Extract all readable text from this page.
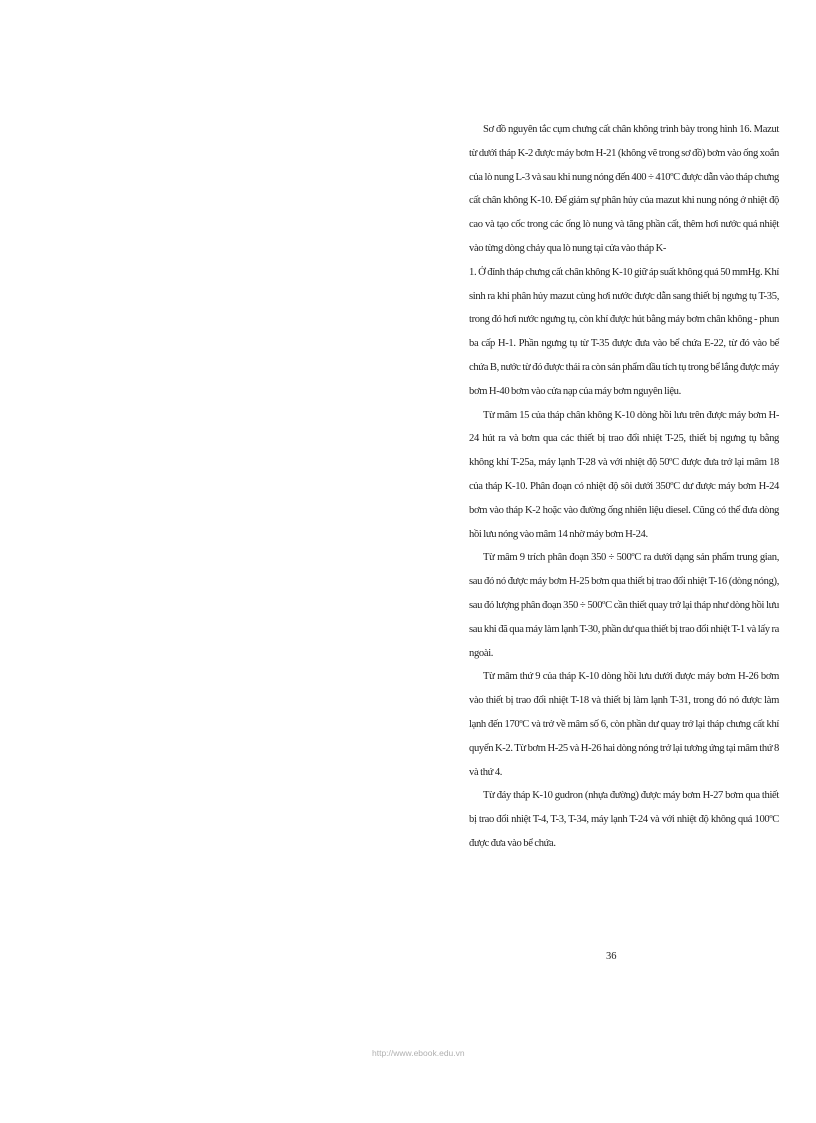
Sơ đồ nguyên tắc cụm chưng cất chân không trình bày trong hình 16. Mazut từ dưới tháp K-2 được máy bơm H-21 (không vẽ trong sơ đồ) bơm vào ống xoắn của lò nung L-3 và sau khi nung nóng đến 400 ÷ 410ºC được dẫn vào tháp chưng cất chân không K-10. Để giảm sự phân hủy của mazut khi nung nóng ở nhiệt độ cao và tạo cốc trong các ống lò nung và tăng phần cất, thêm hơi nước quá nhiệt vào từng dòng chảy qua lò nung tại cửa vào tháp K-

1. Ở đỉnh tháp chưng cất chân không K-10 giữ áp suất không quá 50 mmHg. Khí sinh ra khi phân hủy mazut cùng hơi nước được dẫn sang thiết bị ngưng tụ T-35, trong đó hơi nước ngưng tụ, còn khí được hút bằng máy bơm chân không - phun ba cấp H-1. Phần ngưng tụ từ T-35 được đưa vào bể chứa E-22, từ đó vào bể chứa B, nước từ đó được thải ra còn sản phẩm dầu tích tụ trong bể lắng được máy bơm H-40 bơm vào cửa nạp của máy bơm nguyên liệu.

Từ mâm 15 của tháp chân không K-10 dòng hồi lưu trên được máy bơm H-24 hút ra và bơm qua các thiết bị trao đổi nhiệt T-25, thiết bị ngưng tụ bằng không khí T-25a, máy lạnh T-28 và với nhiệt độ 50ºC được đưa trở lại mâm 18 của tháp K-10. Phân đoạn có nhiệt độ sôi dưới 350ºC dư được máy bơm H-24 bơm vào tháp K-2 hoặc vào đường ống nhiên liệu diesel. Cũng có thể đưa dòng hồi lưu nóng vào mâm 14 nhờ máy bơm H-24.

Từ mâm 9 trích phân đoạn 350 ÷ 500ºC ra dưới dạng sản phẩm trung gian, sau đó nó được máy bơm H-25 bơm qua thiết bị trao đổi nhiệt T-16 (dòng nóng), sau đó lượng phân đoạn 350 ÷ 500ºC cần thiết quay trở lại tháp như dòng hồi lưu sau khi đã qua máy làm lạnh T-30, phần dư qua thiết bị trao đổi nhiệt T-1 và lấy ra ngoài.

Từ mâm thứ 9 của tháp K-10 dòng hồi lưu dưới được máy bơm H-26 bơm vào thiết bị trao đổi nhiệt T-18 và thiết bị làm lạnh T-31, trong đó nó được làm lạnh đến 170ºC và trở về mâm số 6, còn phần dư quay trở lại tháp chưng cất khí quyển K-2. Từ bơm H-25 và H-26 hai dòng nóng trở lại tương ứng tại mâm thứ 8 và thứ 4.

Từ đáy tháp K-10 gudron (nhựa đường) được máy bơm H-27 bơm qua thiết bị trao đổi nhiệt T-4, T-3, T-34, máy lạnh T-24 và với nhiệt độ không quá 100ºC được đưa vào bể chứa.

36
http://www.ebook.edu.vn
